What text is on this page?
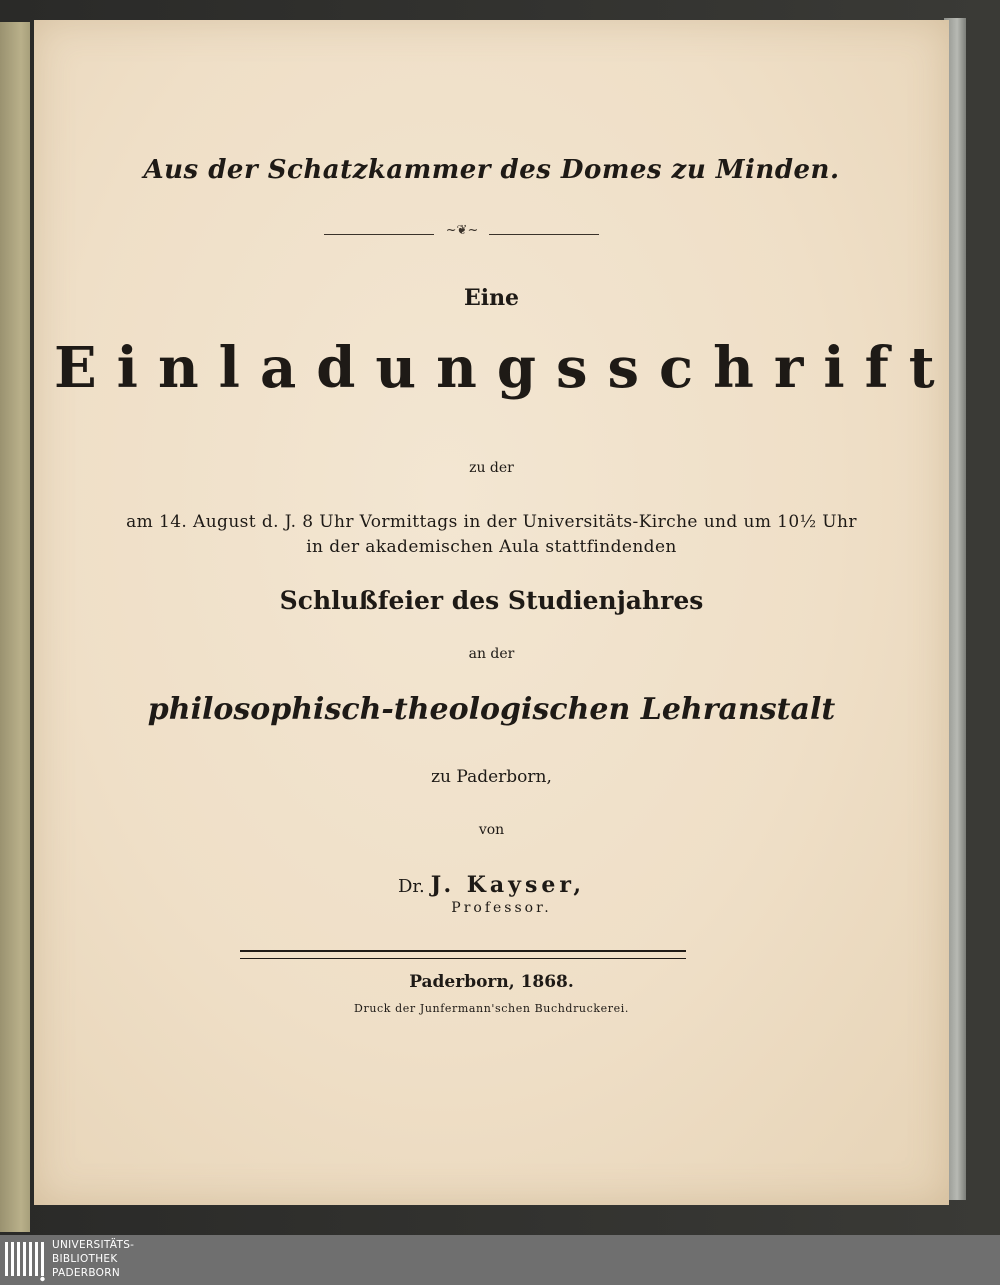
Aus der Schatzkammer des Domes zu Minden.
~❦~
Eine
Einladungsschrift
zu der
am 14. August d. J. 8 Uhr Vormittags in der Universitäts-Kirche und um 10½ Uhr
in der akademischen Aula stattfindenden
Schlußfeier des Studienjahres
an der
philosophisch-theologischen Lehranstalt
zu Paderborn,
von
Dr. J. Kayser,
Professor.
Paderborn, 1868.
Druck der Junfermann'schen Buchdruckerei.
UNIVERSITÄTS-
BIBLIOTHEK
PADERBORN
